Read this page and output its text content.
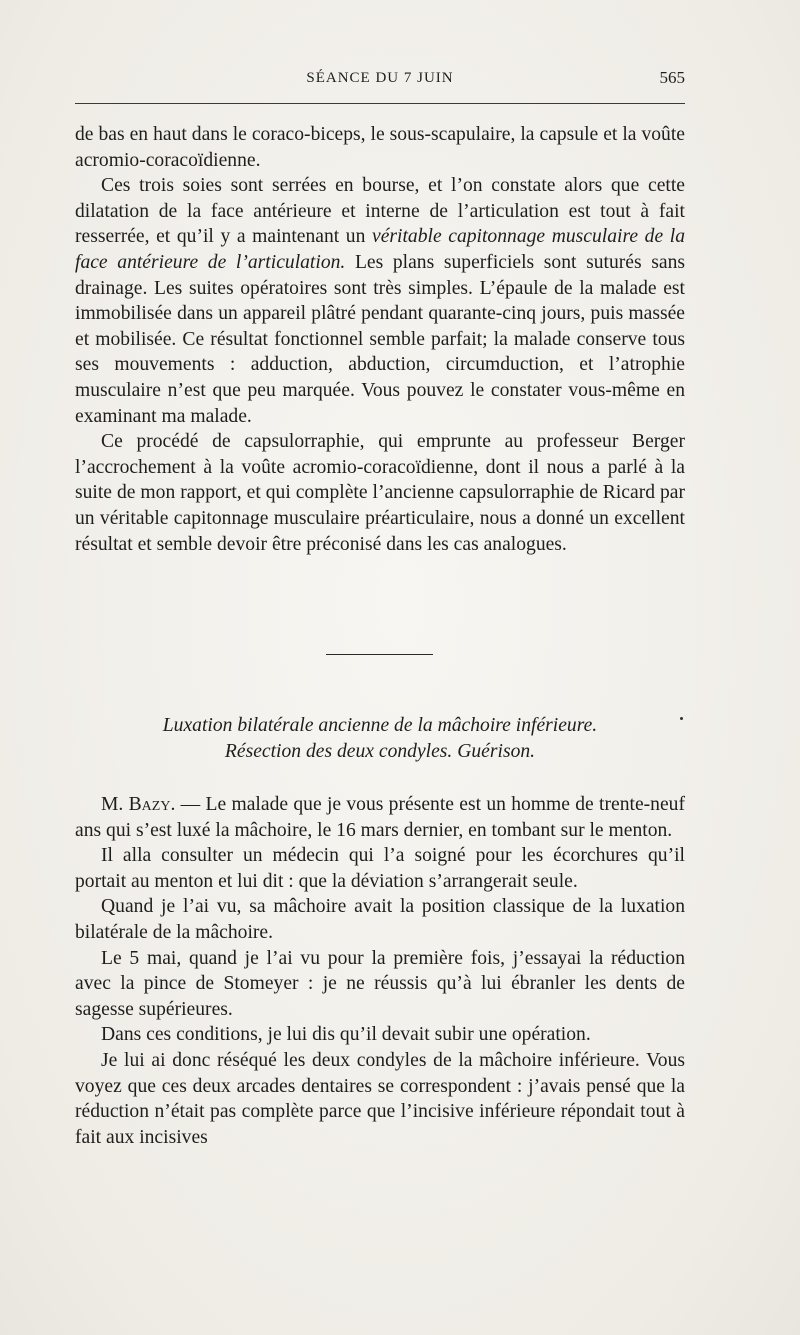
SÉANCE DU 7 JUIN	565

de bas en haut dans le coraco-biceps, le sous-scapulaire, la capsule et la voûte acromio-coracoïdienne.

Ces trois soies sont serrées en bourse, et l’on constate alors que cette dilatation de la face antérieure et interne de l’articulation est tout à fait resserrée, et qu’il y a maintenant un véritable capitonnage musculaire de la face antérieure de l’articulation. Les plans superficiels sont suturés sans drainage. Les suites opératoires sont très simples. L’épaule de la malade est immobilisée dans un appareil plâtré pendant quarante-cinq jours, puis massée et mobilisée. Ce résultat fonctionnel semble parfait; la malade conserve tous ses mouvements : adduction, abduction, circumduction, et l’atrophie musculaire n’est que peu marquée. Vous pouvez le constater vous-même en examinant ma malade.

Ce procédé de capsulorraphie, qui emprunte au professeur Berger l’accrochement à la voûte acromio-coracoïdienne, dont il nous a parlé à la suite de mon rapport, et qui complète l’ancienne capsulorraphie de Ricard par un véritable capitonnage musculaire préarticulaire, nous a donné un excellent résultat et semble devoir être préconisé dans les cas analogues.

Luxation bilatérale ancienne de la mâchoire inférieure.
Résection des deux condyles. Guérison.

M. Bazy. — Le malade que je vous présente est un homme de trente-neuf ans qui s’est luxé la mâchoire, le 16 mars dernier, en tombant sur le menton.

Il alla consulter un médecin qui l’a soigné pour les écorchures qu’il portait au menton et lui dit : que la déviation s’arrangerait seule.

Quand je l’ai vu, sa mâchoire avait la position classique de la luxation bilatérale de la mâchoire.

Le 5 mai, quand je l’ai vu pour la première fois, j’essayai la réduction avec la pince de Stomeyer : je ne réussis qu’à lui ébranler les dents de sagesse supérieures.

Dans ces conditions, je lui dis qu’il devait subir une opération.

Je lui ai donc réséqué les deux condyles de la mâchoire inférieure. Vous voyez que ces deux arcades dentaires se correspondent : j’avais pensé que la réduction n’était pas complète parce que l’incisive inférieure répondait tout à fait aux incisives
